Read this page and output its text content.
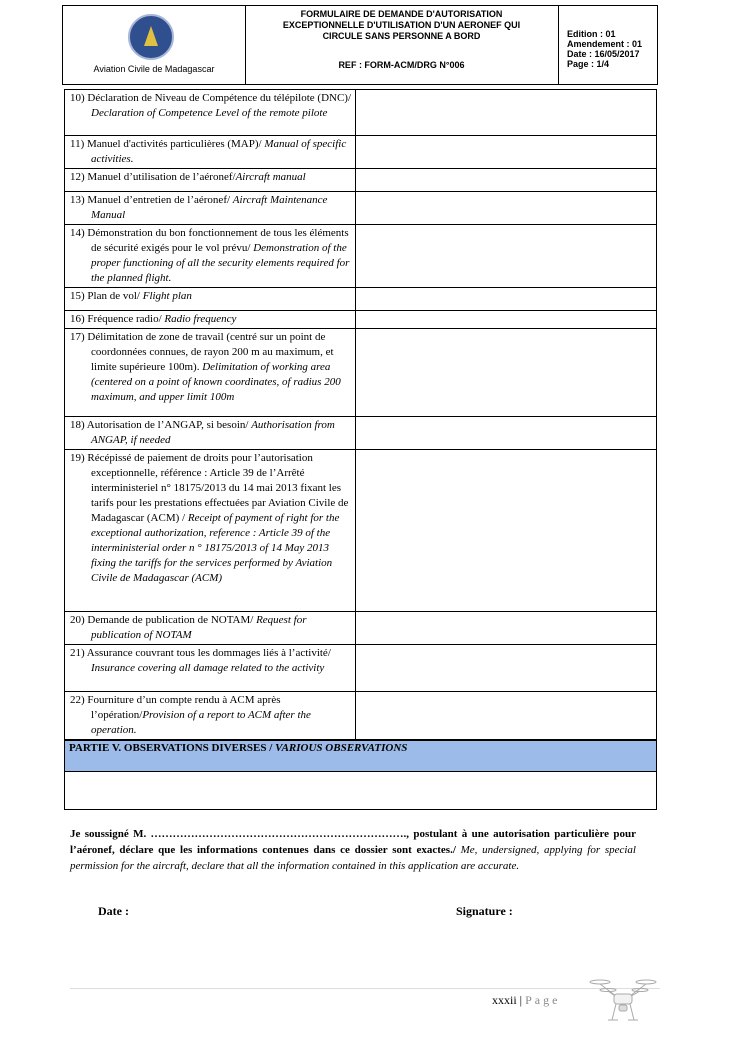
Aviation Civile de Madagascar
FORMULAIRE DE DEMANDE D'AUTORISATION
EXCEPTIONNELLE D'UTILISATION D'UN AERONEF QUI
CIRCULE SANS PERSONNE A BORD
REF : FORM-ACM/DRG N°006
Edition : 01
Amendement : 01
Date : 16/05/2017
Page : 1/4
10) Déclaration de Niveau de Compétence du télépilote (DNC)/ Declaration of Competence Level of the remote pilote	

11) Manuel d'activités particulières (MAP)/ Manual of specific activities.	

12) Manuel d’utilisation de l’aéronef/Aircraft manual	

13) Manuel d’entretien de l’aéronef/ Aircraft Maintenance Manual	

14) Démonstration du bon fonctionnement de tous les éléments de sécurité exigés pour le vol prévu/ Demonstration of the proper functioning of all the security elements required for the planned flight.	

15) Plan de vol/ Flight plan	

16) Fréquence radio/ Radio frequency	

17) Délimitation de zone de travail (centré sur un point de coordonnées connues, de rayon 200 m au maximum, et limite supérieure 100m). Delimitation of working area (centered on a point of known coordinates, of radius 200 maximum, and upper limit 100m	

18) Autorisation de l’ANGAP, si besoin/ Authorisation from ANGAP, if needed	

19) Récépissé de paiement de droits pour l’autorisation exceptionnelle, référence : Article 39 de l’Arrêté interministeriel n° 18175/2013 du 14 mai 2013 fixant les tarifs pour les prestations effectuées par Aviation Civile de Madagascar (ACM) / Receipt of payment of right for the exceptional authorization, reference : Article 39 of the interministerial order n ° 18175/2013 of 14 May 2013 fixing the tariffs for the services performed by Aviation Civile de Madagascar (ACM)	

20) Demande de publication de NOTAM/ Request for publication of NOTAM	

21) Assurance couvrant tous les dommages liés à l’activité/ Insurance covering all damage related to the activity	

22) Fourniture d’un compte rendu à ACM après l’opération/Provision of a report to ACM after the operation.	

PARTIE V. OBSERVATIONS DIVERSES / VARIOUS OBSERVATIONS
Je soussigné M. ……………………………………………………………., postulant à une autorisation particulière pour l’aéronef, déclare que les informations contenues dans ce dossier sont exactes./ Me, undersigned, applying for special permission for the aircraft, declare that all the information contained in this application are accurate.
Date :	Signature :
xxxii | Page
